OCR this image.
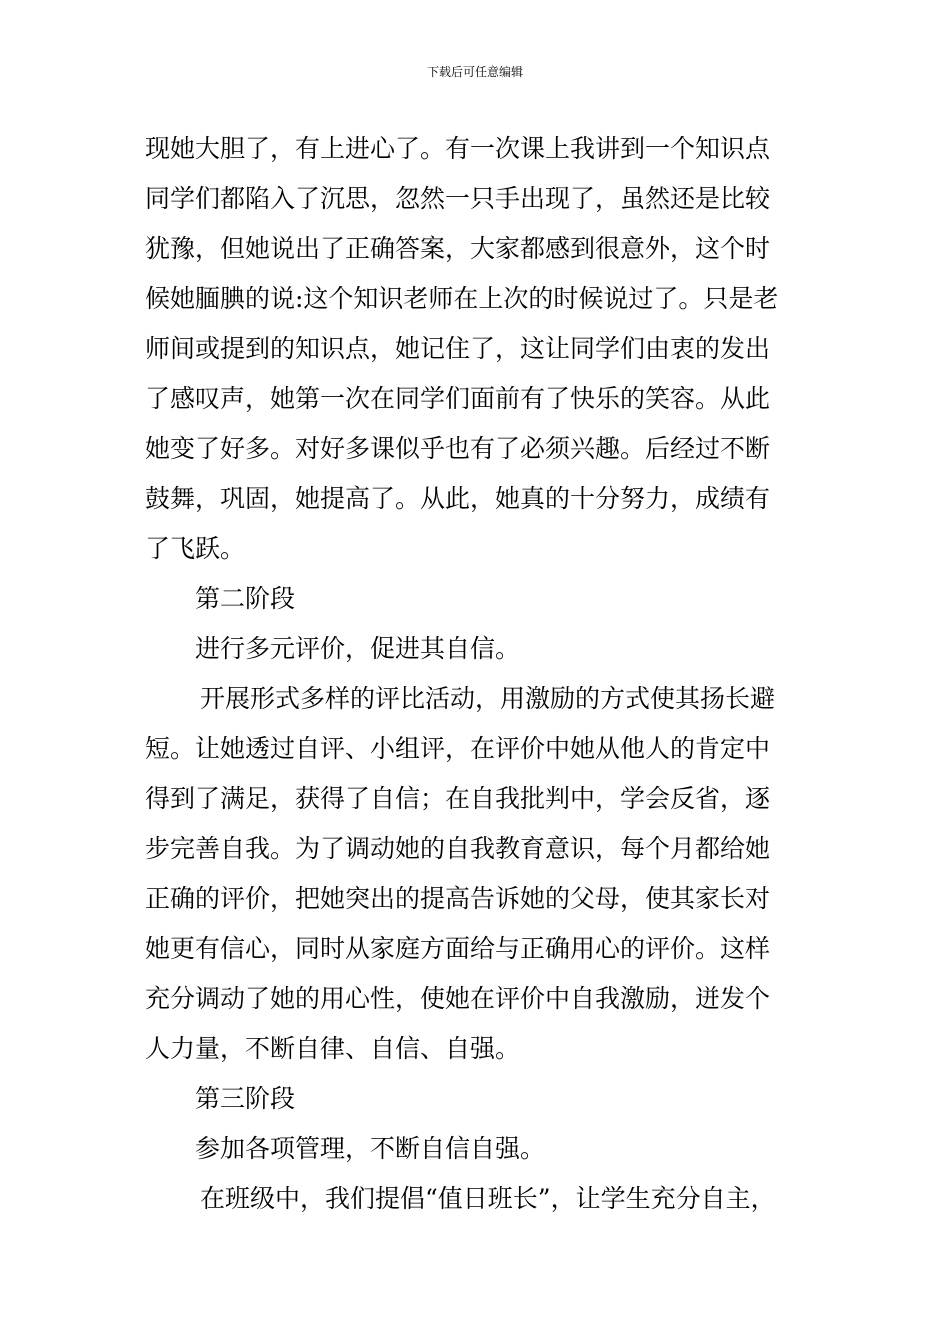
下载后可任意编辑
现她大胆了，有上进心了。有一次课上我讲到一个知识点
同学们都陷入了沉思，忽然一只手出现了，虽然还是比较
犹豫，但她说出了正确答案，大家都感到很意外，这个时
候她腼腆的说:这个知识老师在上次的时候说过了。只是老
师间或提到的知识点，她记住了，这让同学们由衷的发出
了感叹声，她第一次在同学们面前有了快乐的笑容。从此
她变了好多。对好多课似乎也有了必须兴趣。后经过不断
鼓舞，巩固，她提高了。从此，她真的十分努力，成绩有
了飞跃。
第二阶段
进行多元评价，促进其自信。
开展形式多样的评比活动，用激励的方式使其扬长避
短。让她透过自评、小组评，在评价中她从他人的肯定中
得到了满足，获得了自信；在自我批判中，学会反省，逐
步完善自我。为了调动她的自我教育意识，每个月都给她
正确的评价，把她突出的提高告诉她的父母，使其家长对
她更有信心，同时从家庭方面给与正确用心的评价。这样
充分调动了她的用心性，使她在评价中自我激励，迸发个
人力量，不断自律、自信、自强。
第三阶段
参加各项管理，不断自信自强。
在班级中，我们提倡“值日班长”，让学生充分自主，
